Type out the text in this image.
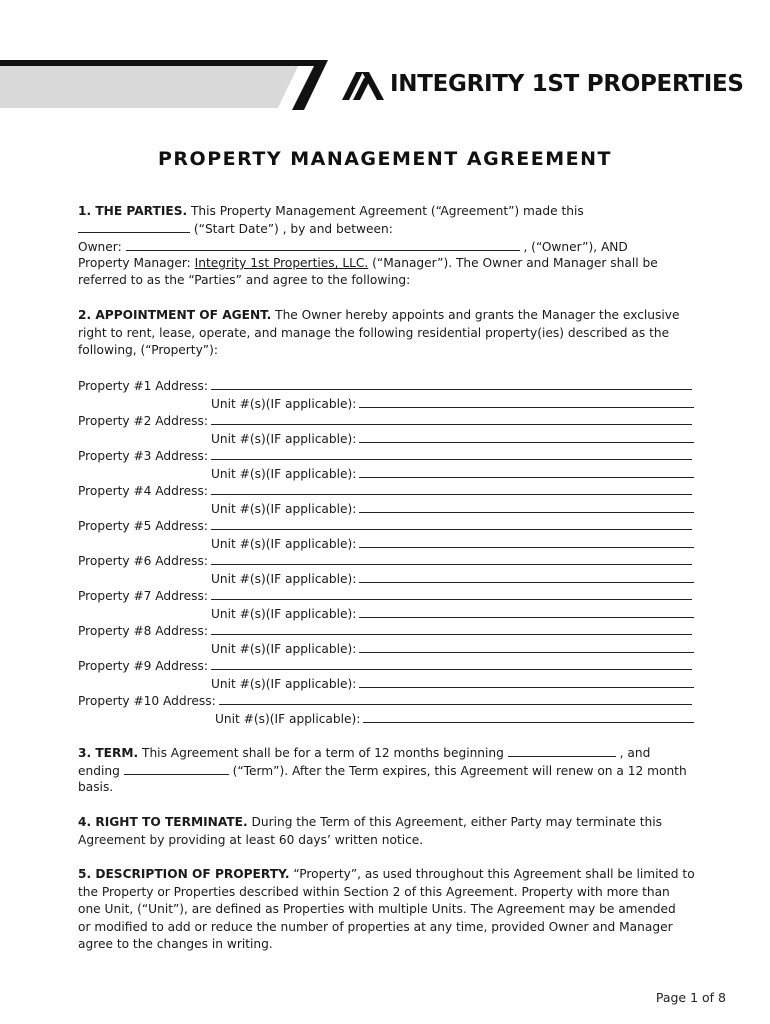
INTEGRITY 1ST PROPERTIES
PROPERTY MANAGEMENT AGREEMENT
1. THE PARTIES. This Property Management Agreement (“Agreement”) made this
(“Start Date”) , by and between:
Owner:	, (“Owner”), AND
Property Manager: Integrity 1st Properties, LLC. (“Manager”). The Owner and Manager shall be
referred to as the “Parties” and agree to the following:
2. APPOINTMENT OF AGENT. The Owner hereby appoints and grants the Manager the exclusive
right to rent, lease, operate, and manage the following residential property(ies) described as the
following, (“Property”):
Property #1 Address:
Unit #(s)(IF applicable):
Property #2 Address:
Unit #(s)(IF applicable):
Property #3 Address:
Unit #(s)(IF applicable):
Property #4 Address:
Unit #(s)(IF applicable):
Property #5 Address:
Unit #(s)(IF applicable):
Property #6 Address:
Unit #(s)(IF applicable):
Property #7 Address:
Unit #(s)(IF applicable):
Property #8 Address:
Unit #(s)(IF applicable):
Property #9 Address:
Unit #(s)(IF applicable):
Property #10 Address:
Unit #(s)(IF applicable):
3. TERM. This Agreement shall be for a term of 12 months beginning	, and
ending	(“Term”). After the Term expires, this Agreement will renew on a 12 month
basis.
4. RIGHT TO TERMINATE. During the Term of this Agreement, either Party may terminate this
Agreement by providing at least 60 days’ written notice.
5. DESCRIPTION OF PROPERTY. “Property”, as used throughout this Agreement shall be limited to
the Property or Properties described within Section 2 of this Agreement. Property with more than
one Unit, (“Unit”), are defined as Properties with multiple Units. The Agreement may be amended
or modified to add or reduce the number of properties at any time, provided Owner and Manager
agree to the changes in writing.
Page 1 of 8
